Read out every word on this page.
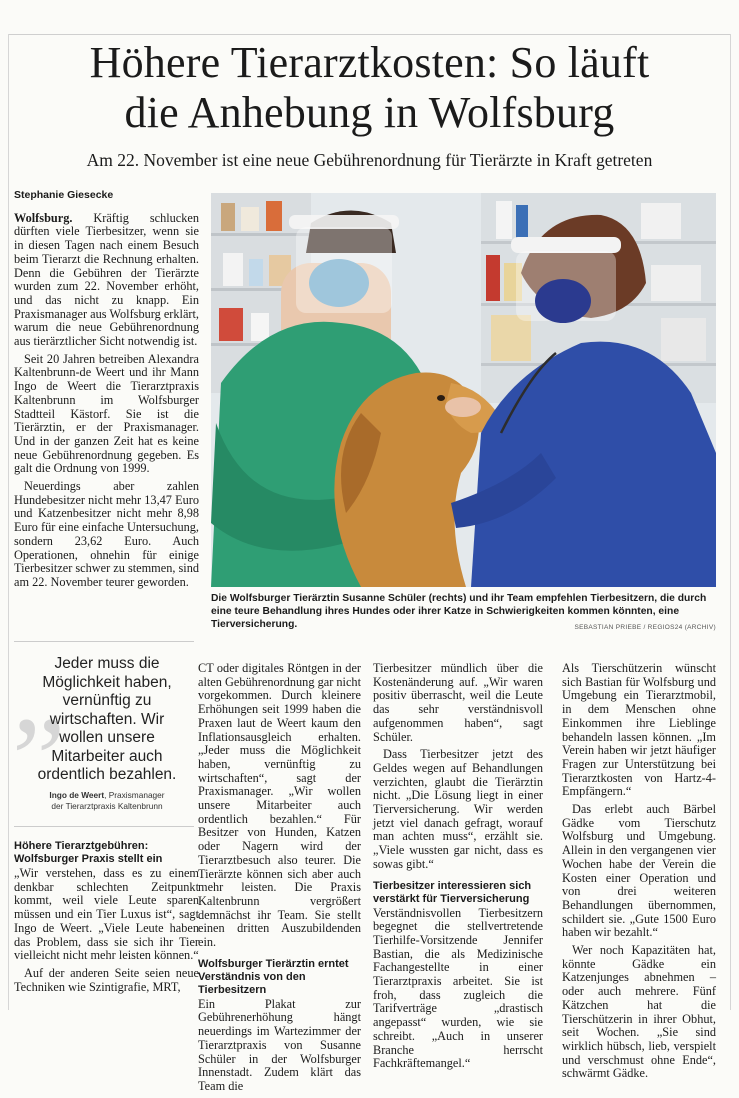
Höhere Tierarztkosten: So läuft
die Anhebung in Wolfsburg
Am 22. November ist eine neue Gebührenordnung für Tierärzte in Kraft getreten
Stephanie Giesecke

Wolfsburg. Kräftig schlucken dürften viele Tierbesitzer, wenn sie in diesen Tagen nach einem Besuch beim Tierarzt die Rechnung erhalten. Denn die Gebühren der Tierärzte wurden zum 22. November erhöht, und das nicht zu knapp. Ein Praxismanager aus Wolfsburg erklärt, warum die neue Gebührenordnung aus tierärztlicher Sicht notwendig ist.

Seit 20 Jahren betreiben Alexandra Kaltenbrunn-de Weert und ihr Mann Ingo de Weert die Tierarztpraxis Kaltenbrunn im Wolfsburger Stadtteil Kästorf. Sie ist die Tierärztin, er der Praxismanager. Und in der ganzen Zeit hat es keine neue Gebührenordnung gegeben. Es galt die Ordnung von 1999.

Neuerdings aber zahlen Hundebesitzer nicht mehr 13,47 Euro und Katzenbesitzer nicht mehr 8,98 Euro für eine einfache Untersuchung, sondern 23,62 Euro. Auch Operationen, ohnehin für einige Tierbesitzer schwer zu stemmen, sind am 22. November teurer geworden.

Die Wolfsburger Tierärztin Susanne Schüler (rechts) und ihr Team empfehlen Tierbesitzern, die durch eine teure Behandlung ihres Hundes oder ihrer Katze in Schwierigkeiten kommen könnten, eine Tierversicherung.	SEBASTIAN PRIEBE / REGIOS24 (ARCHIV)
„
Jeder muss die Möglichkeit haben, vernünftig zu wirtschaften. Wir wollen unsere Mitarbeiter auch ordentlich bezahlen.
Ingo de Weert, Praxismanager
der Tierarztpraxis Kaltenbrunn
Höhere Tierarztgebühren: Wolfsburger Praxis stellt ein

„Wir verstehen, dass es zu einem denkbar schlechten Zeitpunkt kommt, weil viele Leute sparen müssen und ein Tier Luxus ist“, sagt Ingo de Weert. „Viele Leute haben das Problem, dass sie sich ihr Tier vielleicht nicht mehr leisten können.“

Auf der anderen Seite seien neue Techniken wie Szintigrafie, MRT,

CT oder digitales Röntgen in der alten Gebührenordnung gar nicht vorgekommen. Durch kleinere Erhöhungen seit 1999 haben die Praxen laut de Weert kaum den Inflationsausgleich erhalten. „Jeder muss die Möglichkeit haben, vernünftig zu wirtschaften“, sagt der Praxismanager. „Wir wollen unsere Mitarbeiter auch ordentlich bezahlen.“ Für Besitzer von Hunden, Katzen oder Nagern wird der Tierarztbesuch also teurer. Die Tierärzte können sich aber auch mehr leisten. Die Praxis Kaltenbrunn vergrößert demnächst ihr Team. Sie stellt einen dritten Auszubildenden ein.

Wolfsburger Tierärztin erntet Verständnis von den Tierbesitzern

Ein Plakat zur Gebührenerhöhung hängt neuerdings im Wartezimmer der Tierarztpraxis von Susanne Schüler in der Wolfsburger Innenstadt. Zudem klärt das Team die

Tierbesitzer mündlich über die Kostenänderung auf. „Wir waren positiv überrascht, weil die Leute das sehr verständnisvoll aufgenommen haben“, sagt Schüler.

Dass Tierbesitzer jetzt des Geldes wegen auf Behandlungen verzichten, glaubt die Tierärztin nicht. „Die Lösung liegt in einer Tierversicherung. Wir werden jetzt viel danach gefragt, worauf man achten muss“, erzählt sie. „Viele wussten gar nicht, dass es sowas gibt.“

Tierbesitzer interessieren sich verstärkt für Tierversicherung

Verständnisvollen Tierbesitzern begegnet die stellvertretende Tierhilfe-Vorsitzende Jennifer Bastian, die als Medizinische Fachangestellte in einer Tierarztpraxis arbeitet. Sie ist froh, dass zugleich die Tarifverträge „drastisch angepasst“ wurden, wie sie schreibt. „Auch in unserer Branche herrscht Fachkräftemangel.“

Als Tierschützerin wünscht sich Bastian für Wolfsburg und Umgebung ein Tierarztmobil, in dem Menschen ohne Einkommen ihre Lieblinge behandeln lassen können. „Im Verein haben wir jetzt häufiger Fragen zur Unterstützung bei Tierarztkosten von Hartz-4-Empfängern.“

Das erlebt auch Bärbel Gädke vom Tierschutz Wolfsburg und Umgebung. Allein in den vergangenen vier Wochen habe der Verein die Kosten einer Operation und von drei weiteren Behandlungen übernommen, schildert sie. „Gute 1500 Euro haben wir bezahlt.“

Wer noch Kapazitäten hat, könnte Gädke ein Katzenjunges abnehmen – oder auch mehrere. Fünf Kätzchen hat die Tierschützerin in ihrer Obhut, seit Wochen. „Sie sind wirklich hübsch, lieb, verspielt und verschmust ohne Ende“, schwärmt Gädke.
